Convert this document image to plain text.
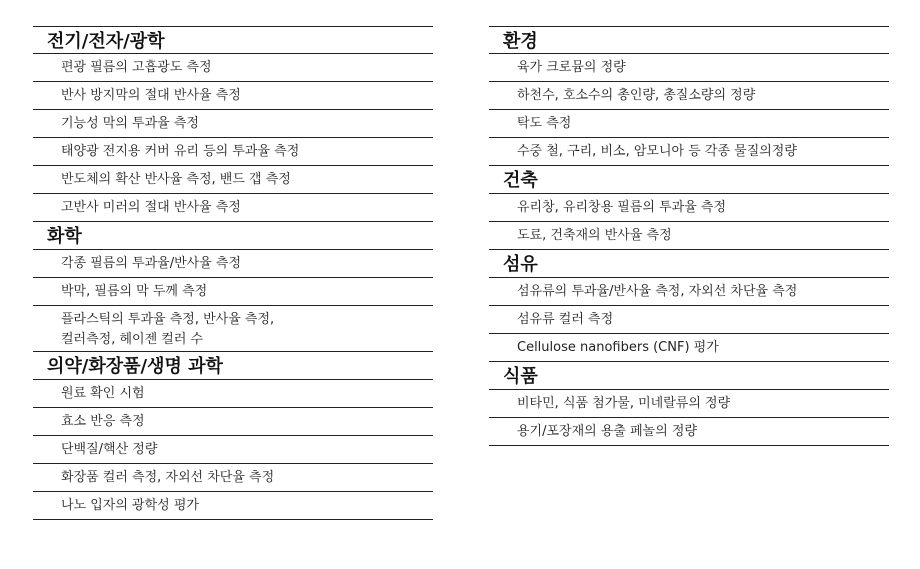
전기/전자/광학
편광 필름의 고흡광도 측정
반사 방지막의 절대 반사율 측정
기능성 막의 투과율 측정
태양광 전지용 커버 유리 등의 투과율 측정
반도체의 확산 반사율 측정, 밴드 갭 측정
고반사 미러의 절대 반사율 측정
화학
각종 필름의 투과율/반사율 측정
박막, 필름의 막 두께 측정
플라스틱의 투과율 측정, 반사율 측정,
컬러측정, 헤이젠 컬러 수
의약/화장품/생명 과학
원료 확인 시험
효소 반응 측정
단백질/핵산 정량
화장품 컬러 측정, 자외선 차단율 측정
나노 입자의 광학성 평가
환경
육가 크로뮴의 정량
하천수, 호소수의 총인량, 총질소량의 정량
탁도 측정
수중 철, 구리, 비소, 암모니아 등 각종 물질의정량
건축
유리창, 유리창용 필름의 투과율 측정
도료, 건축재의 반사율 측정
섬유
섬유류의 투과율/반사율 측정, 자외선 차단율 측정
섬유류 컬러 측정
Cellulose nanofibers (CNF) 평가
식품
비타민, 식품 첨가물, 미네랄류의 정량
용기/포장재의 용출 페놀의 정량
